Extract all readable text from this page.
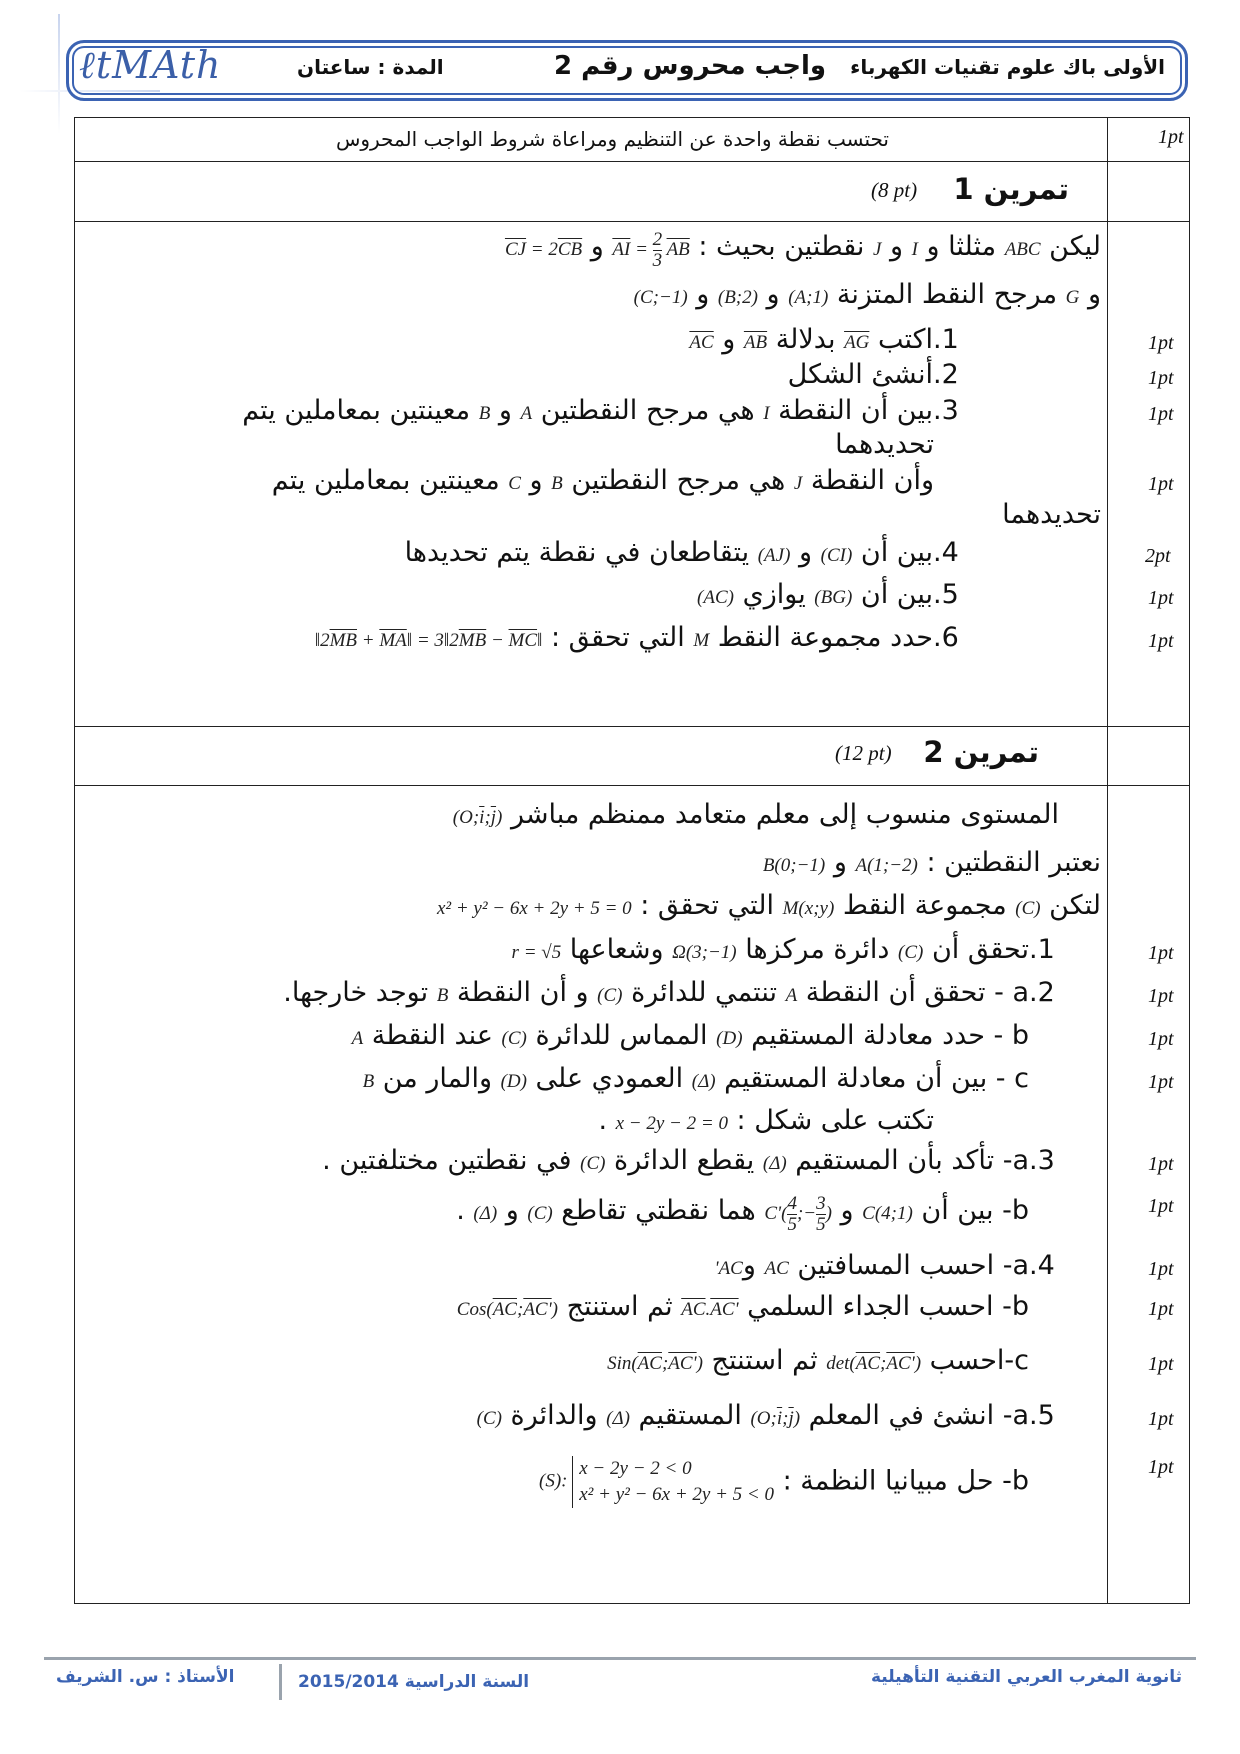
ℓtMAth	المدة : ساعتان	واجب محروس رقم 2 الأولى باك علوم تقنيات الكهرباء
تحتسب نقطة واحدة عن التنظيم ومراعاة شروط الواجب المحروس	1pt
تمرين 1
(8 pt)
ليكن ABC مثلثا و I و J نقطتين بحيث : $\overline{AI} = \frac{2}{3} \overline{AB}$ و $\overline{CJ} = 2\overline{CB}$
و G مرجح النقط المتزنة (A;1) و (B;2) و (C;−1)
1.اكتب AG بدلالة AB و AC	1pt
2.أنشئ الشكل	1pt
3.بين أن النقطة I هي مرجح النقطتين A و B معينتين بمعاملين يتم
تحديدهما
1pt
وأن النقطة J هي مرجح النقطتين B و C معينتين بمعاملين يتم
تحديدهما
1pt
4.بين أن (CI) و (AJ) يتقاطعان في نقطة يتم تحديدها	2pt
5.بين أن (BG) يوازي (AC)	1pt
6.حدد مجموعة النقط M التي تحقق : $‖2\overline{MB}$ + $\overline{MA}‖$ = $3‖2\overline{MB}$ − $\overline{MC}‖$	1pt
تمرين 2
(12 pt)
المستوى منسوب إلى معلم متعامد ممنظم مباشر $(O;\overline{i};\overline{j})$
نعتبر النقطتين : A(1;−2) و B(0;−1)
لتكن (C) مجموعة النقط M(x;y) التي تحقق : x² + y² − 6x + 2y + 5 = 0
1.تحقق أن (C) دائرة مركزها Ω(3;−1) وشعاعها r = √5	1pt
2.a - تحقق أن النقطة A تنتمي للدائرة (C) و أن النقطة B توجد خارجها.	1pt
b - حدد معادلة المستقيم (D) المماس للدائرة (C) عند النقطة A	1pt
c - بين أن معادلة المستقيم (Δ) العمودي على (D) والمار من B
تكتب على شكل : x − 2y − 2 = 0 .
1pt
3.a- تأكد بأن المستقيم (Δ) يقطع الدائرة (C) في نقطتين مختلفتين .	1pt
b- بين أن C(4;1) و $C'( \frac{4}{5}$ ;− $\frac{3}{5}$ ) هما نقطتي تقاطع (C) و (Δ) .	1pt
4.a- احسب المسافتين AC وAC'	1pt
b- احسب الجداء السلمي $\overline{AC}.AC'$ ثم استنتج $Cos(\overline{AC};AC')$	1pt
c-احسب $\det(\overline{AC};AC')$ ثم استنتج $Sin(\overline{AC};AC')$	1pt
5.a- انشئ في المعلم $(O;\overline{i};\overline{j})$ المستقيم (Δ) والدائرة (C)	1pt
b- حل مبيانيا النظمة : (S):
x − 2y − 2 < 0
x² + y² − 6x + 2y + 5 < 0
1pt
ثانوية المغرب العربي التقنية التأهيلية
السنة الدراسية 2015/2014
الأستاذ : س. الشريف
